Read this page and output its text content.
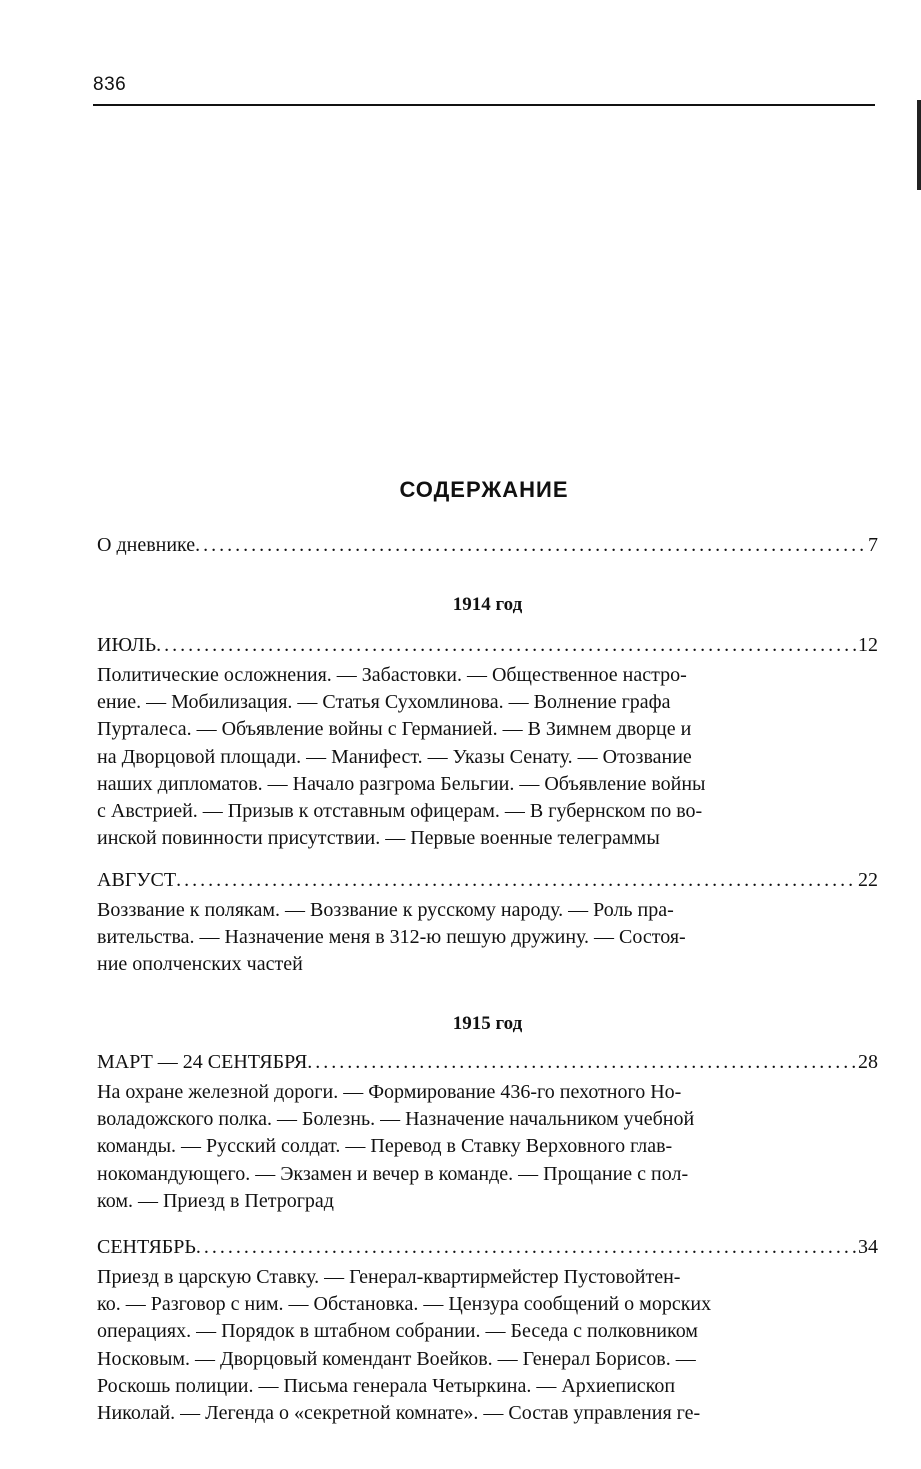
836
СОДЕРЖАНИЕ
О дневнике .....	7
1914 год
ИЮЛЬ .....	12
Политические осложнения. — Забастовки. — Общественное настро-
ение. — Мобилизация. — Статья Сухомлинова. — Волнение графа
Пурталеса. — Объявление войны с Германией. — В Зимнем дворце и
на Дворцовой площади. — Манифест. — Указы Сенату. — Отозвание
наших дипломатов. — Начало разгрома Бельгии. — Объявление войны
с Австрией. — Призыв к отставным офицерам. — В губернском по во-
инской повинности присутствии. — Первые военные телеграммы
АВГУСТ .....	22
Воззвание к полякам. — Воззвание к русскому народу. — Роль пра-
вительства. — Назначение меня в 312-ю пешую дружину. — Состоя-
ние ополченских частей
1915 год
МАРТ — 24 СЕНТЯБРЯ .....	28
На охране железной дороги. — Формирование 436-го пехотного Но-
воладожского полка. — Болезнь. — Назначение начальником учебной
команды. — Русский солдат. — Перевод в Ставку Верховного глав-
нокомандующего. — Экзамен и вечер в команде. — Прощание с пол-
ком. — Приезд в Петроград
СЕНТЯБРЬ .....	34
Приезд в царскую Ставку. — Генерал-квартирмейстер Пустовойтен-
ко. — Разговор с ним. — Обстановка. — Цензура сообщений о морских
операциях. — Порядок в штабном собрании. — Беседа с полковником
Носковым. — Дворцовый комендант Воейков. — Генерал Борисов. —
Роскошь полиции. — Письма генерала Четыркина. — Архиепископ
Николай. — Легенда о «секретной комнате». — Состав управления ге-
